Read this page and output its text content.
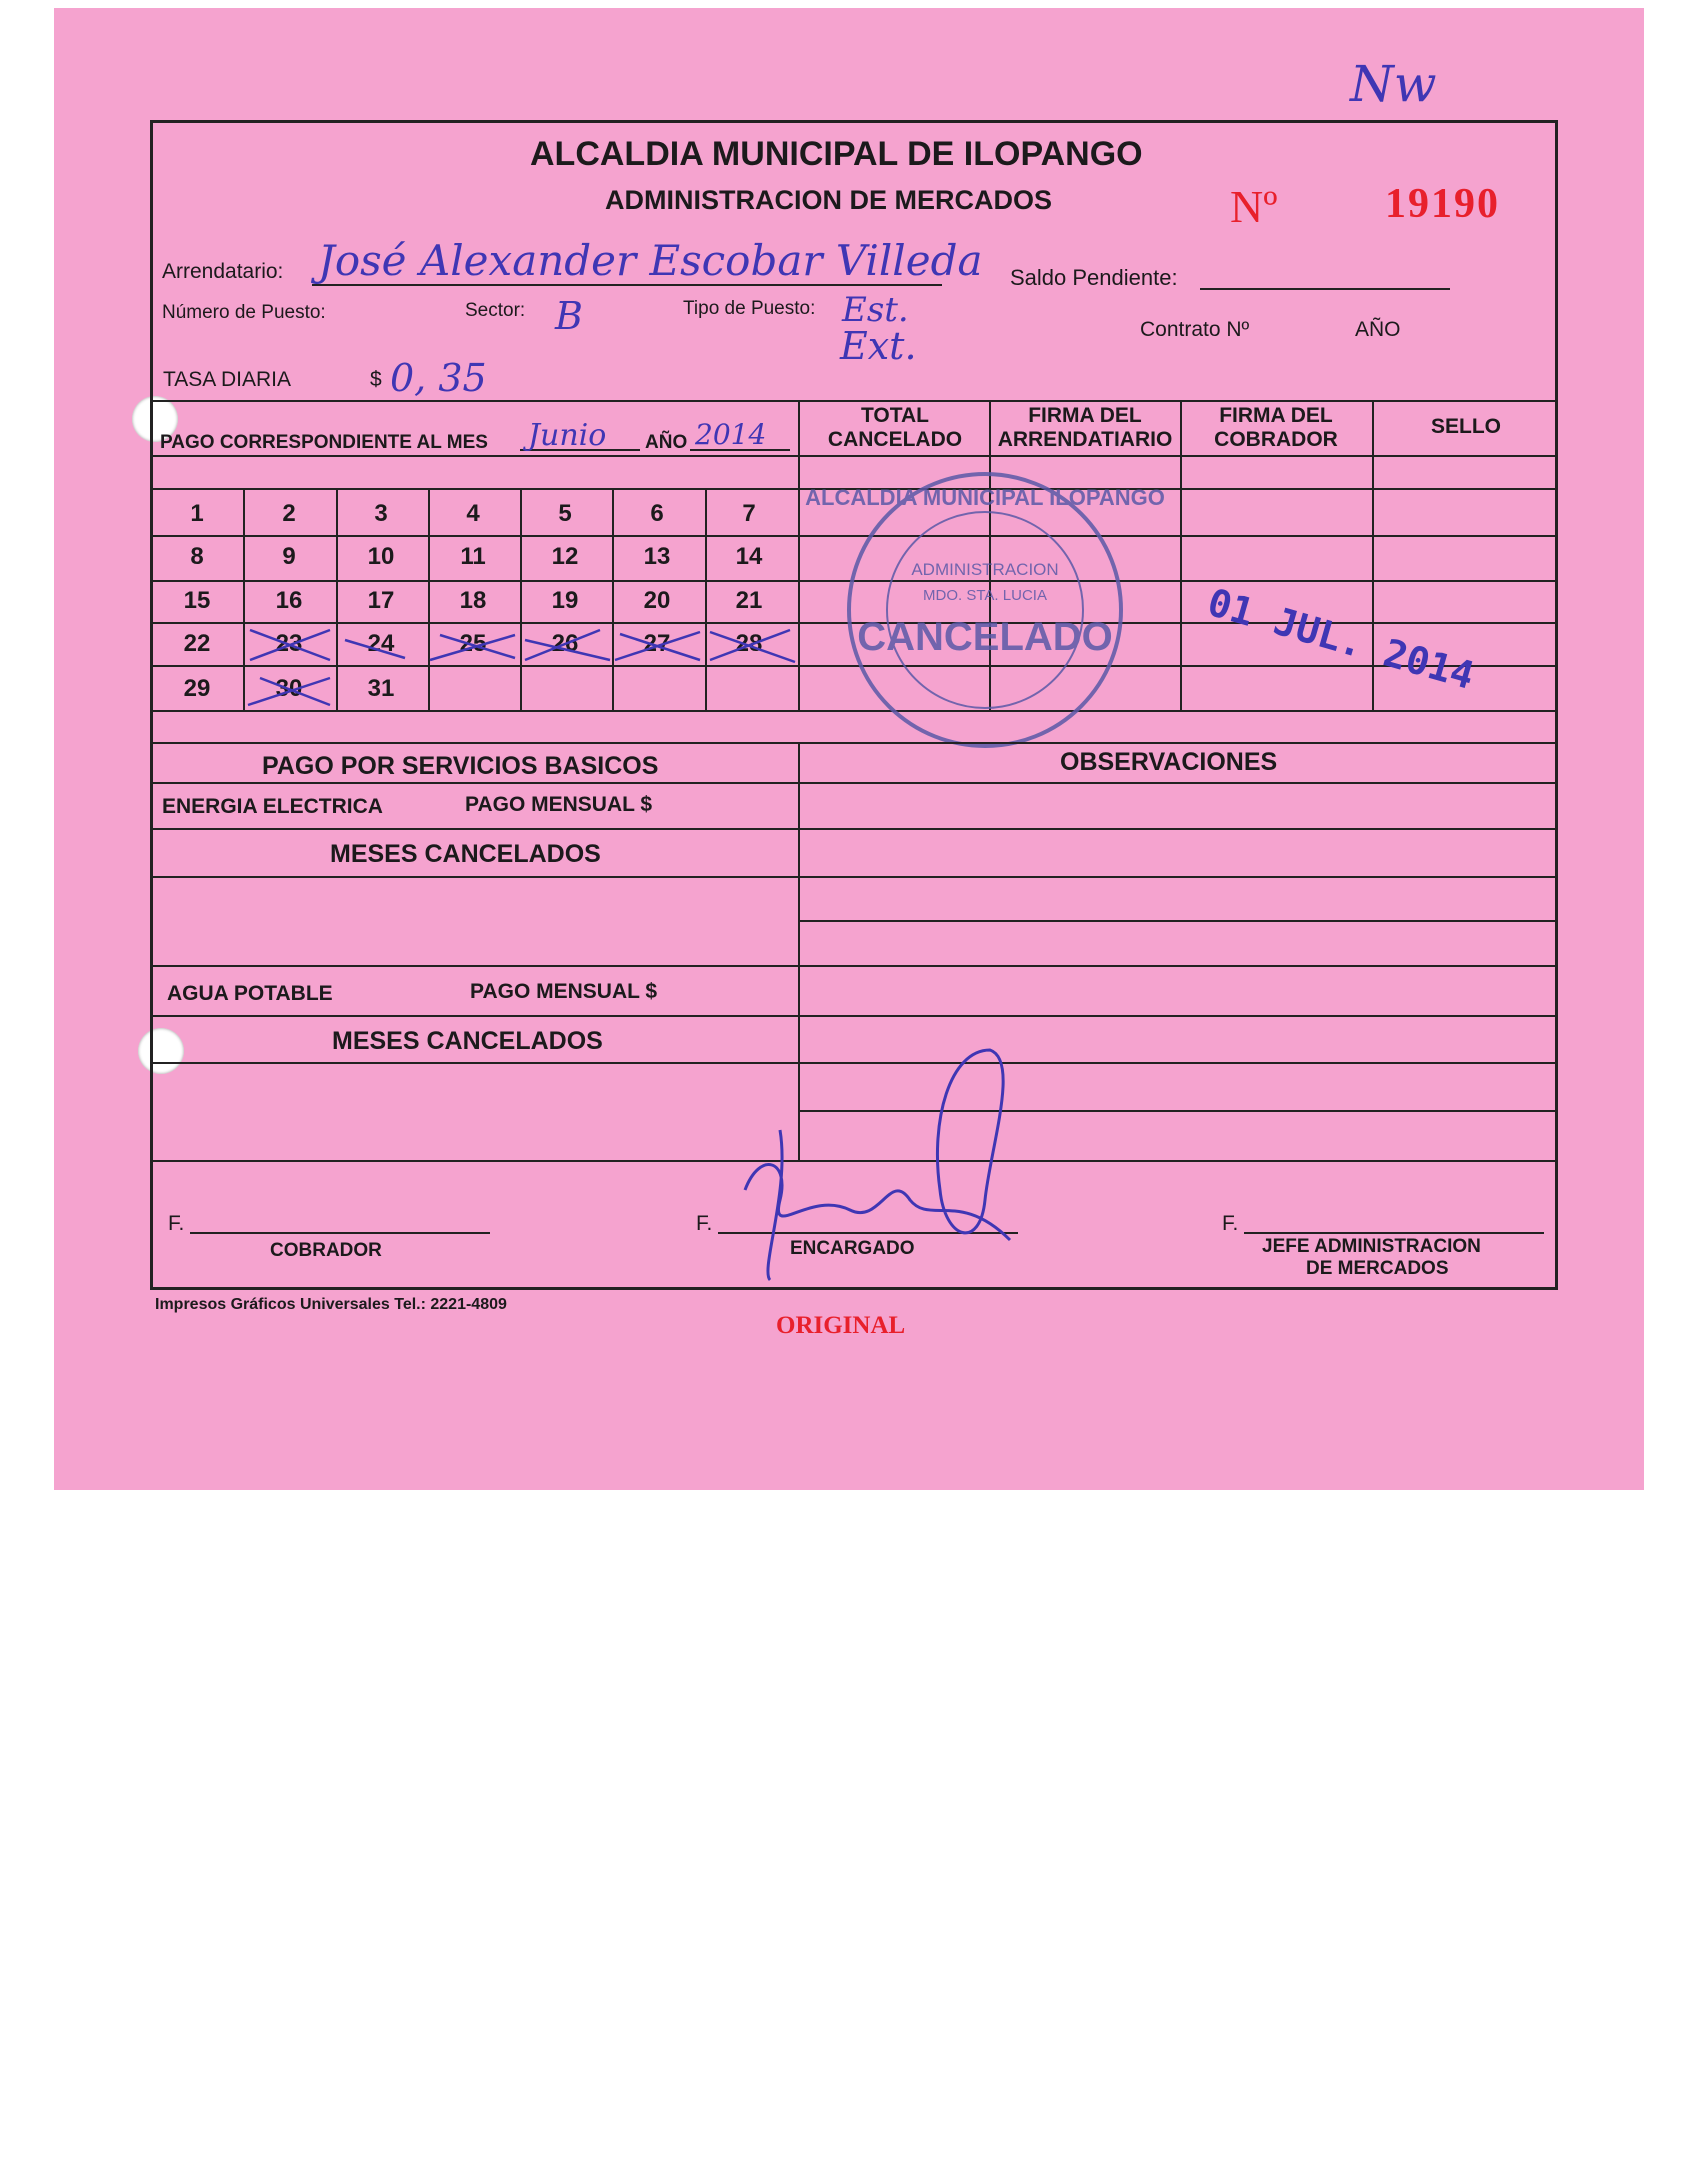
Nw
ALCALDIA MUNICIPAL DE ILOPANGO
ADMINISTRACION DE MERCADOS	Nº	19190
Arrendatario: José Alexander Escobar Villeda Saldo Pendiente:
Número de Puesto:	Sector: B	Tipo de Puesto: Est.
Ext.	Contrato Nº	AÑO
TASA DIARIA	$ 0, 35
PAGO CORRESPONDIENTE AL MES Junio AÑO 2014
TOTAL CANCELADO
FIRMA DEL ARRENDATIARIO
FIRMA DEL COBRADOR
SELLO
1	2	3	4	5	6	7
8	9	10	11	12	13	14
15	16	17	18	19	20	21
22	23	24	25	26	27	28
29	30	31
ALCALDIA MUNICIPAL ILOPANGO
ADMINISTRACION
MDO. STA. LUCIA
CANCELADO 01 JUL. 2014
PAGO POR SERVICIOS BASICOS	OBSERVACIONES
ENERGIA ELECTRICA	PAGO MENSUAL $
MESES CANCELADOS
AGUA POTABLE	PAGO MENSUAL $
MESES CANCELADOS
F.
COBRADOR
F.
ENCARGADO
F.
JEFE ADMINISTRACION
DE MERCADOS
Impresos Gráficos Universales Tel.: 2221-4809
ORIGINAL
